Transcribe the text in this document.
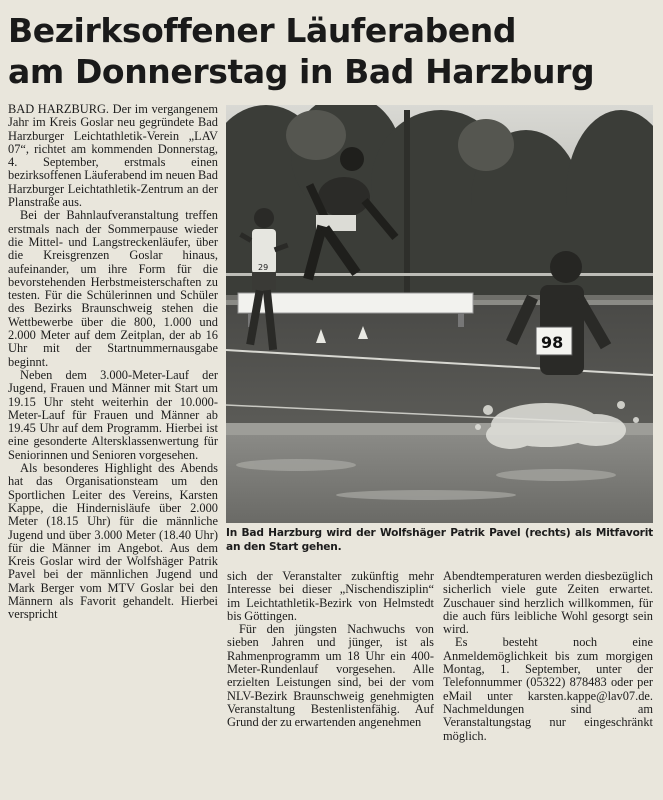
Bezirksoffener Läuferabend
am Donnerstag in Bad Harzburg

BAD HARZBURG. Der im vergangenem Jahr im Kreis Goslar neu gegründete Bad Harzburger Leichtathletik-Verein „LAV 07“, richtet am kommenden Donnerstag, 4. September, erstmals einen bezirksoffenen Läuferabend im neuen Bad Harzburger Leichtathletik-Zentrum an der Planstraße aus.

Bei der Bahnlaufveranstaltung treffen erstmals nach der Sommerpause wieder die Mittel- und Langstreckenläufer, über die Kreisgrenzen Goslar hinaus, aufeinander, um ihre Form für die bevorstehenden Herbstmeisterschaften zu testen. Für die Schülerinnen und Schüler des Bezirks Braunschweig stehen die Wettbewerbe über die 800, 1.000 und 2.000 Meter auf dem Zeitplan, der ab 16 Uhr mit der Startnummernausgabe beginnt.

Neben dem 3.000-Meter-Lauf der Jugend, Frauen und Männer mit Start um 19.15 Uhr steht weiterhin der 10.000-Meter-Lauf für Frauen und Männer ab 19.45 Uhr auf dem Programm. Hierbei ist eine gesonderte Altersklassenwertung für Seniorinnen und Senioren vorgesehen.

Als besonderes Highlight des Abends hat das Organisationsteam um den Sportlichen Leiter des Vereins, Karsten Kappe, die Hindernisläufe über 2.000 Meter (18.15 Uhr) für die männliche Jugend und über 3.000 Meter (18.40 Uhr) für die Männer im Angebot. Aus dem Kreis Goslar wird der Wolfshäger Patrik Pavel bei der männlichen Jugend und Mark Berger vom MTV Goslar bei den Männern als Favorit gehandelt. Hierbei verspricht

29
98
In Bad Harzburg wird der Wolfshäger Patrik Pavel (rechts) als Mitfavorit an den Start gehen.

sich der Veranstalter zukünftig mehr Interesse bei dieser „Nischendisziplin“ im Leichtathletik-Bezirk von Helmstedt bis Göttingen.

Für den jüngsten Nachwuchs von sieben Jahren und jünger, ist als Rahmenprogramm um 18 Uhr ein 400-Meter-Rundenlauf vorgesehen. Alle erzielten Leistungen sind, bei der vom NLV-Bezirk Braunschweig genehmigten Veranstaltung Bestenlistenfähig. Auf Grund der zu erwartenden angenehmen

Abendtemperaturen werden diesbezüglich sicherlich viele gute Zeiten erwartet. Zuschauer sind herzlich willkommen, für die auch fürs leibliche Wohl gesorgt sein wird.

Es besteht noch eine Anmeldemöglichkeit bis zum morgigen Montag, 1. September, unter der Telefonnummer (05322) 878483 oder per eMail unter karsten.kappe@lav07.de. Nachmeldungen sind am Veranstaltungstag nur eingeschränkt möglich.
